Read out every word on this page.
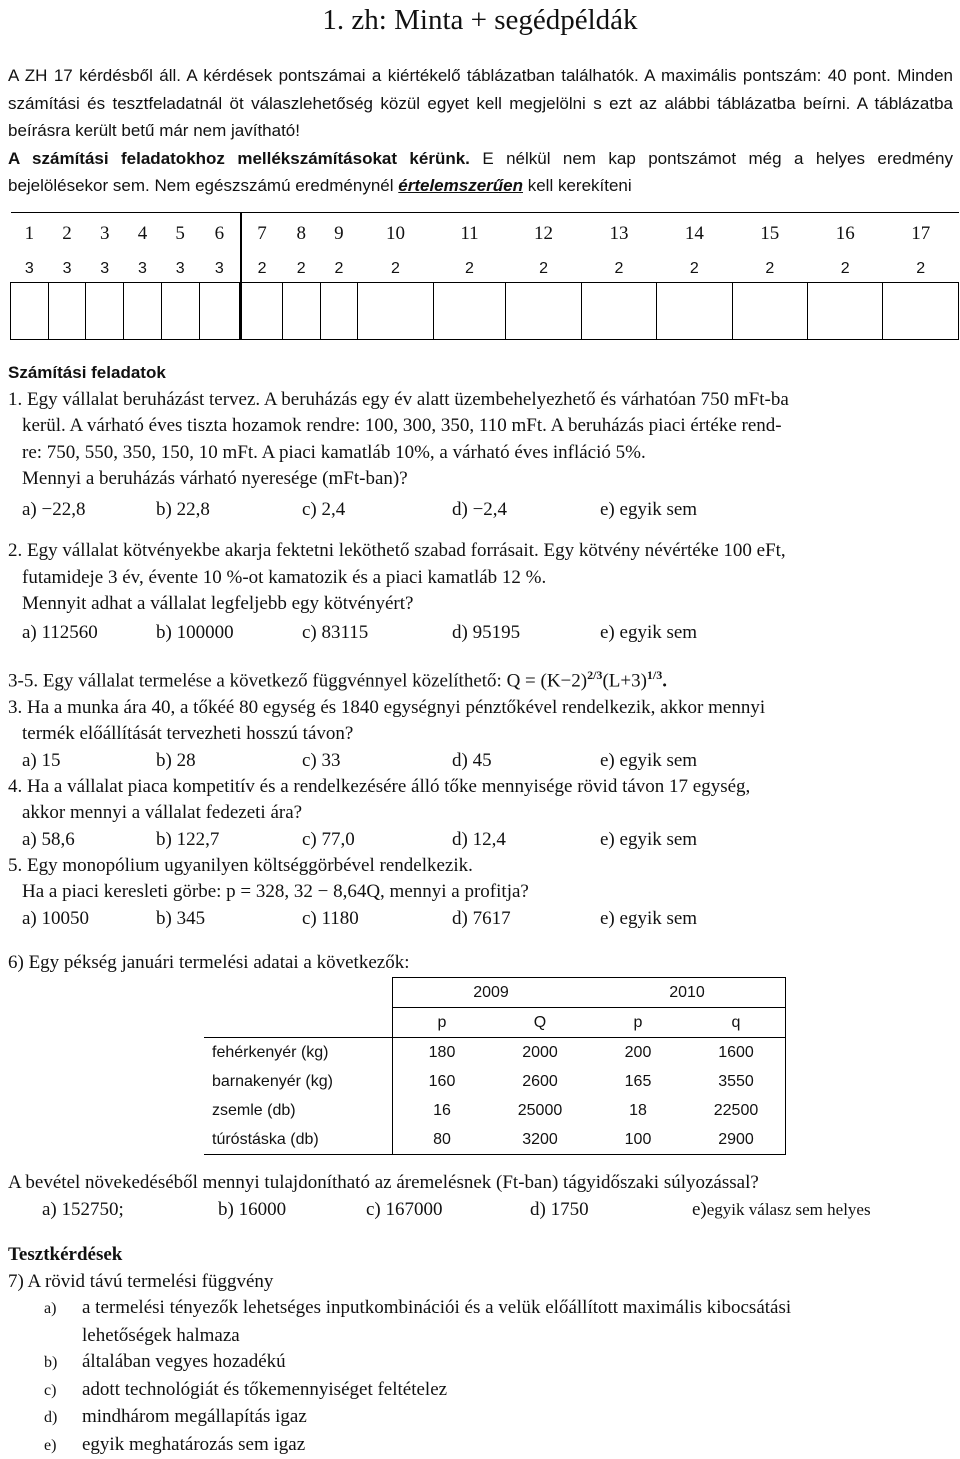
1. zh: Minta + segédpéldák
A ZH 17 kérdésből áll. A kérdések pontszámai a kiértékelő táblázatban találhatók. A maximális pontszám: 40 pont. Minden számítási és tesztfeladatnál öt válaszlehetőség közül egyet kell megjelölni s ezt az alábbi táblázatba beírni. A táblázatba beírásra került betű már nem javítható!
A számítási feladatokhoz mellékszámításokat kérünk. E nélkül nem kap pontszámot még a helyes eredmény bejelölésekor sem. Nem egészszámú eredménynél értelemszerűen kell kerekíteni
1	2	3	4	5	6	7	8	9	10	11	12	13	14	15	16	17
3	3	3	3	3	3	2	2	2	2	2	2	2	2	2	2	2

Számítási feladatok
1. Egy vállalat beruházást tervez. A beruházás egy év alatt üzembehelyezhető és várhatóan 750 mFt-ba
kerül. A várható éves tiszta hozamok rendre: 100, 300, 350, 110 mFt. A beruházás piaci értéke rend-
re: 750, 550, 350, 150, 10 mFt. A piaci kamatláb 10%, a várható éves infláció 5%.
Mennyi a beruházás várható nyeresége (mFt-ban)?
a) −22,8	b) 22,8	c) 2,4	d) −2,4	e) egyik sem
2. Egy vállalat kötvényekbe akarja fektetni leköthető szabad forrásait. Egy kötvény névértéke 100 eFt,
futamideje 3 év, évente 10 %-ot kamatozik és a piaci kamatláb 12 %.
Mennyit adhat a vállalat legfeljebb egy kötvényért?
a) 112560	b) 100000	c) 83115	d) 95195	e) egyik sem
3-5. Egy vállalat termelése a következő függvénnyel közelíthető: $Q = (K-2)^{2/3}(L+3)^{1/3}$.
3. Ha a munka ára 40, a tőkéé 80 egység és 1840 egységnyi pénztőkével rendelkezik, akkor mennyi
termék előállítását tervezheti hosszú távon?
a) 15	b) 28	c) 33	d) 45	e) egyik sem
4. Ha a vállalat piaca kompetitív és a rendelkezésére álló tőke mennyisége rövid távon 17 egység,
akkor mennyi a vállalat fedezeti ára?
a) 58,6	b) 122,7	c) 77,0	d) 12,4	e) egyik sem
5. Egy monopólium ugyanilyen költséggörbével rendelkezik.
Ha a piaci keresleti görbe: p = 328, 32 − 8,64Q, mennyi a profitja?
a) 10050	b) 345	c) 1180	d) 7617	e) egyik sem
6) Egy pékség januári termelési adatai a következők:
	2009		2010	
	p	Q	p	q
fehérkenyér (kg)	180	2000	200	1600
barnakenyér (kg)	160	2600	165	3550
zsemle (db)	16	25000	18	22500
túróstáska (db)	80	3200	100	2900
A bevétel növekedéséből mennyi tulajdonítható az áremelésnek (Ft-ban) tágyidőszaki súlyozással?
a) 152750;	b) 16000	c) 167000	d) 1750	e)egyik válasz sem helyes
Tesztkérdések
7) A rövid távú termelési függvény
a) a termelési tényezők lehetséges inputkombinációi és a velük előállított maximális kibocsátási
lehetőségek halmaza
b) általában vegyes hozadékú
c) adott technológiát és tőkemennyiséget feltételez
d) mindhárom megállapítás igaz
e) egyik meghatározás sem igaz
